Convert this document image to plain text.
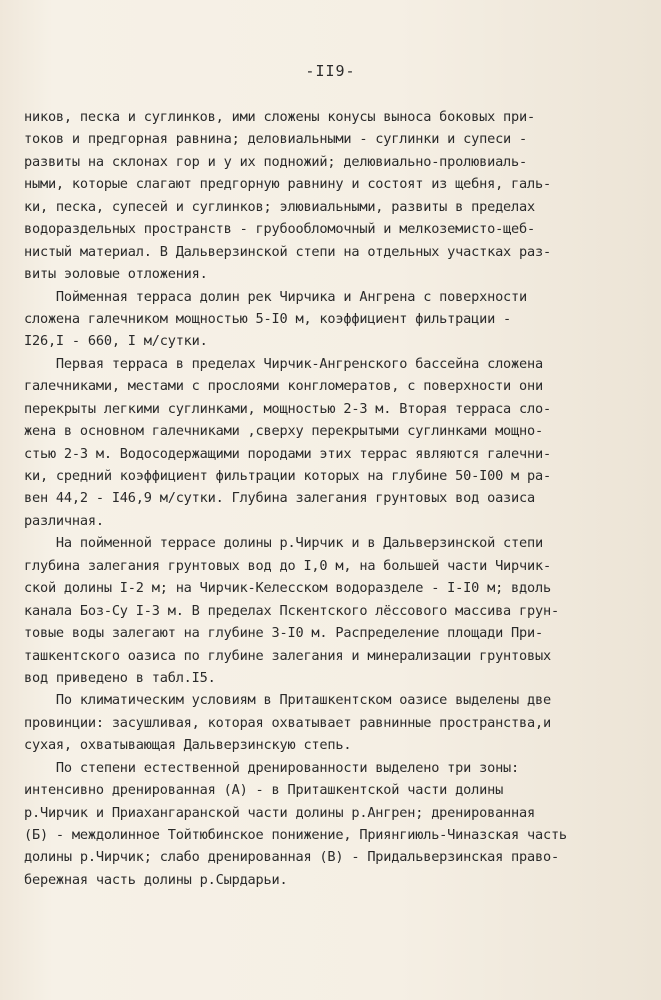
-II9-
ников, песка и суглинков, ими сложены конусы выноса боковых при-
токов и предгорная равнина; деловиальными - суглинки и супеси -
развиты на склонах гор и у их подножий; делювиально-пролювиаль-
ными, которые слагают предгорную равнину и состоят из щебня, галь-
ки, песка, супесей и суглинков; элювиальными, развиты в пределах
водораздельных пространств - грубообломочный и мелкоземисто-щеб-
нистый материал. В Дальверзинской степи на отдельных участках раз-
виты эоловые отложения.
Пойменная терраса долин рек Чирчика и Ангрена с поверхности
сложена галечником мощностью 5-I0 м, коэффициент фильтрации -
I26,I - 660, I м/сутки.
Первая терраса в пределах Чирчик-Ангренского бассейна сложена
галечниками, местами с прослоями конгломератов, с поверхности они
перекрыты легкими суглинками, мощностью 2-3 м. Вторая терраса сло-
жена в основном галечниками ,сверху перекрытыми суглинками мощно-
стью 2-3 м. Водосодержащими породами этих террас являются галечни-
ки, средний коэффициент фильтрации которых на глубине 50-I00 м ра-
вен 44,2 - I46,9 м/сутки. Глубина залегания грунтовых вод оазиса
различная.
На пойменной террасе долины р.Чирчик и в Дальверзинской степи
глубина залегания грунтовых вод до I,0 м, на большей части Чирчик-
ской долины I-2 м; на Чирчик-Келесском водоразделе - I-I0 м; вдоль
канала Боз-Су I-3 м. В пределах Пскентского лёссового массива грун-
товые воды залегают на глубине 3-I0 м. Распределение площади При-
ташкентского оазиса по глубине залегания и минерализации грунтовых
вод приведено в табл.I5.
По климатическим условиям в Приташкентском оазисе выделены две
провинции: засушливая, которая охватывает равнинные пространства,и
сухая, охватывающая Дальверзинскую степь.
По степени естественной дренированности выделено три зоны:
интенсивно дренированная (А) - в Приташкентской части долины
р.Чирчик и Приахангаранской части долины р.Ангрен; дренированная
(Б) - междолинное Тойтюбинское понижение, Приянгиюль-Чиназская часть
долины р.Чирчик; слабо дренированная (В) - Придальверзинская право-
бережная часть долины р.Сырдарьи.
